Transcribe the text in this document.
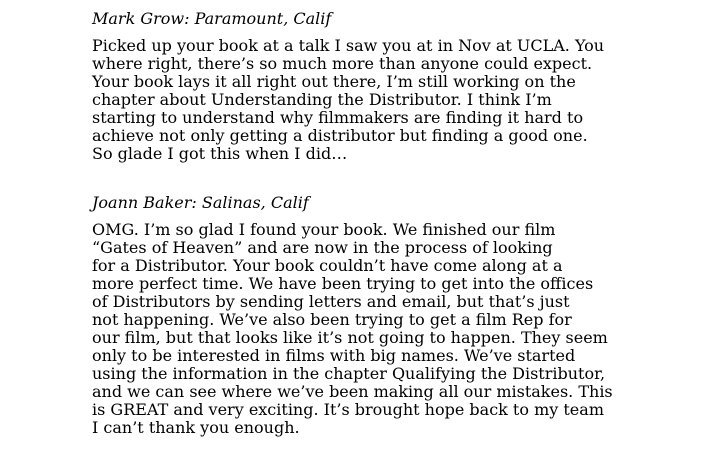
Mark Grow: Paramount, Calif
Picked up your book at a talk I saw you at in Nov at UCLA. You
where right, there’s so much more than anyone could expect.
Your book lays it all right out there, I’m still working on the
chapter about Understanding the Distributor. I think I’m
starting to understand why filmmakers are finding it hard to
achieve not only getting a distributor but finding a good one.
So glade I got this when I did…
Joann Baker: Salinas, Calif
OMG. I’m so glad I found your book. We finished our film
“Gates of Heaven” and are now in the process of looking
for a Distributor. Your book couldn’t have come along at a
more perfect time. We have been trying to get into the offices
of Distributors by sending letters and email, but that’s just
not happening. We’ve also been trying to get a film Rep for
our film, but that looks like it’s not going to happen. They seem
only to be interested in films with big names. We’ve started
using the information in the chapter Qualifying the Distributor,
and we can see where we’ve been making all our mistakes. This
is GREAT and very exciting. It’s brought hope back to my team
I can’t thank you enough.
